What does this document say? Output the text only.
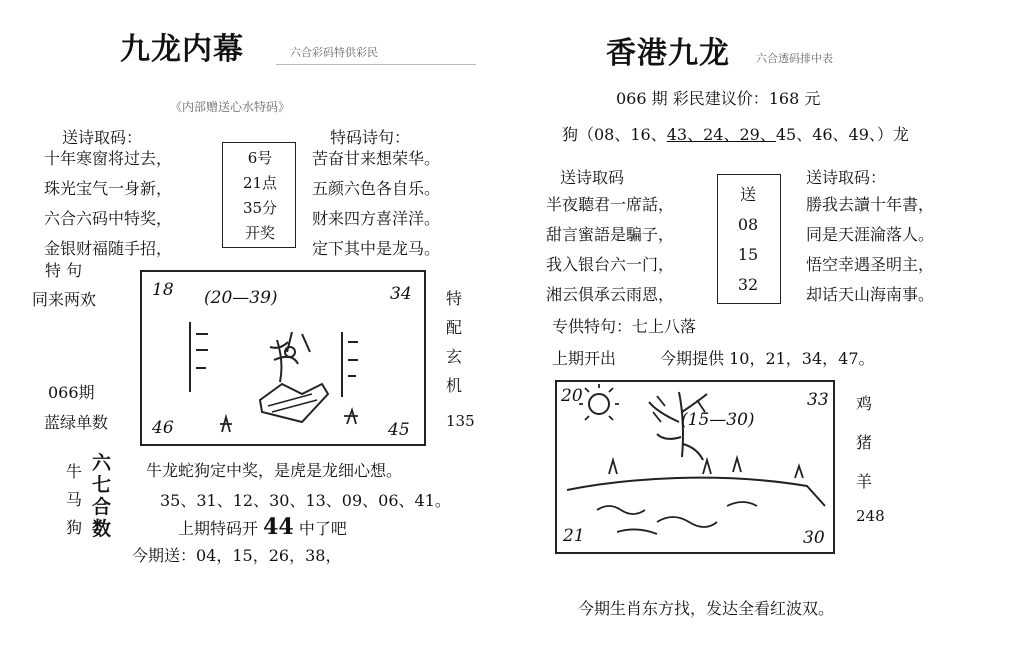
九龙内幕	六合彩码特供彩民
《内部赠送心水特码》
送诗取码：
十年寒窗将过去，
珠光宝气一身新，
六合六码中特奖，
金银财福随手招，
6号
21点
35分
开奖
特码诗句：
苦奋甘来想荣华。
五颜六色各自乐。
财来四方喜洋洋。
定下其中是龙马。
特 句
同来两欢
066期
蓝绿单数
18 (20—39)	34
46	45
特
配
玄
机
135
牛
马
狗
六
七
合
数
牛龙蛇狗定中奖，是虎是龙细心想。
35、31、12、30、13、09、06、41。
上期特码开 44 中了吧
今期送：04，15，26，38，
香港九龙 六合透码排中表
066 期 彩民建议价：168 元
狗（08、16、43、24、29、45、46、49、）龙
送诗取码
半夜聽君一席話，
甜言蜜語是騙子，
我入银台六一门，
湘云俱承云雨恩，
送
08
15
32
送诗取码：
勝我去讀十年書，
同是天涯淪落人。
悟空幸遇圣明主，
却话天山海南事。
专供特句：七上八落
上期开出	今期提供 10，21，34，47。
20
(15—30)
33
21	30
鸡
猪
羊
248
今期生肖东方找，发达全看红波双。
